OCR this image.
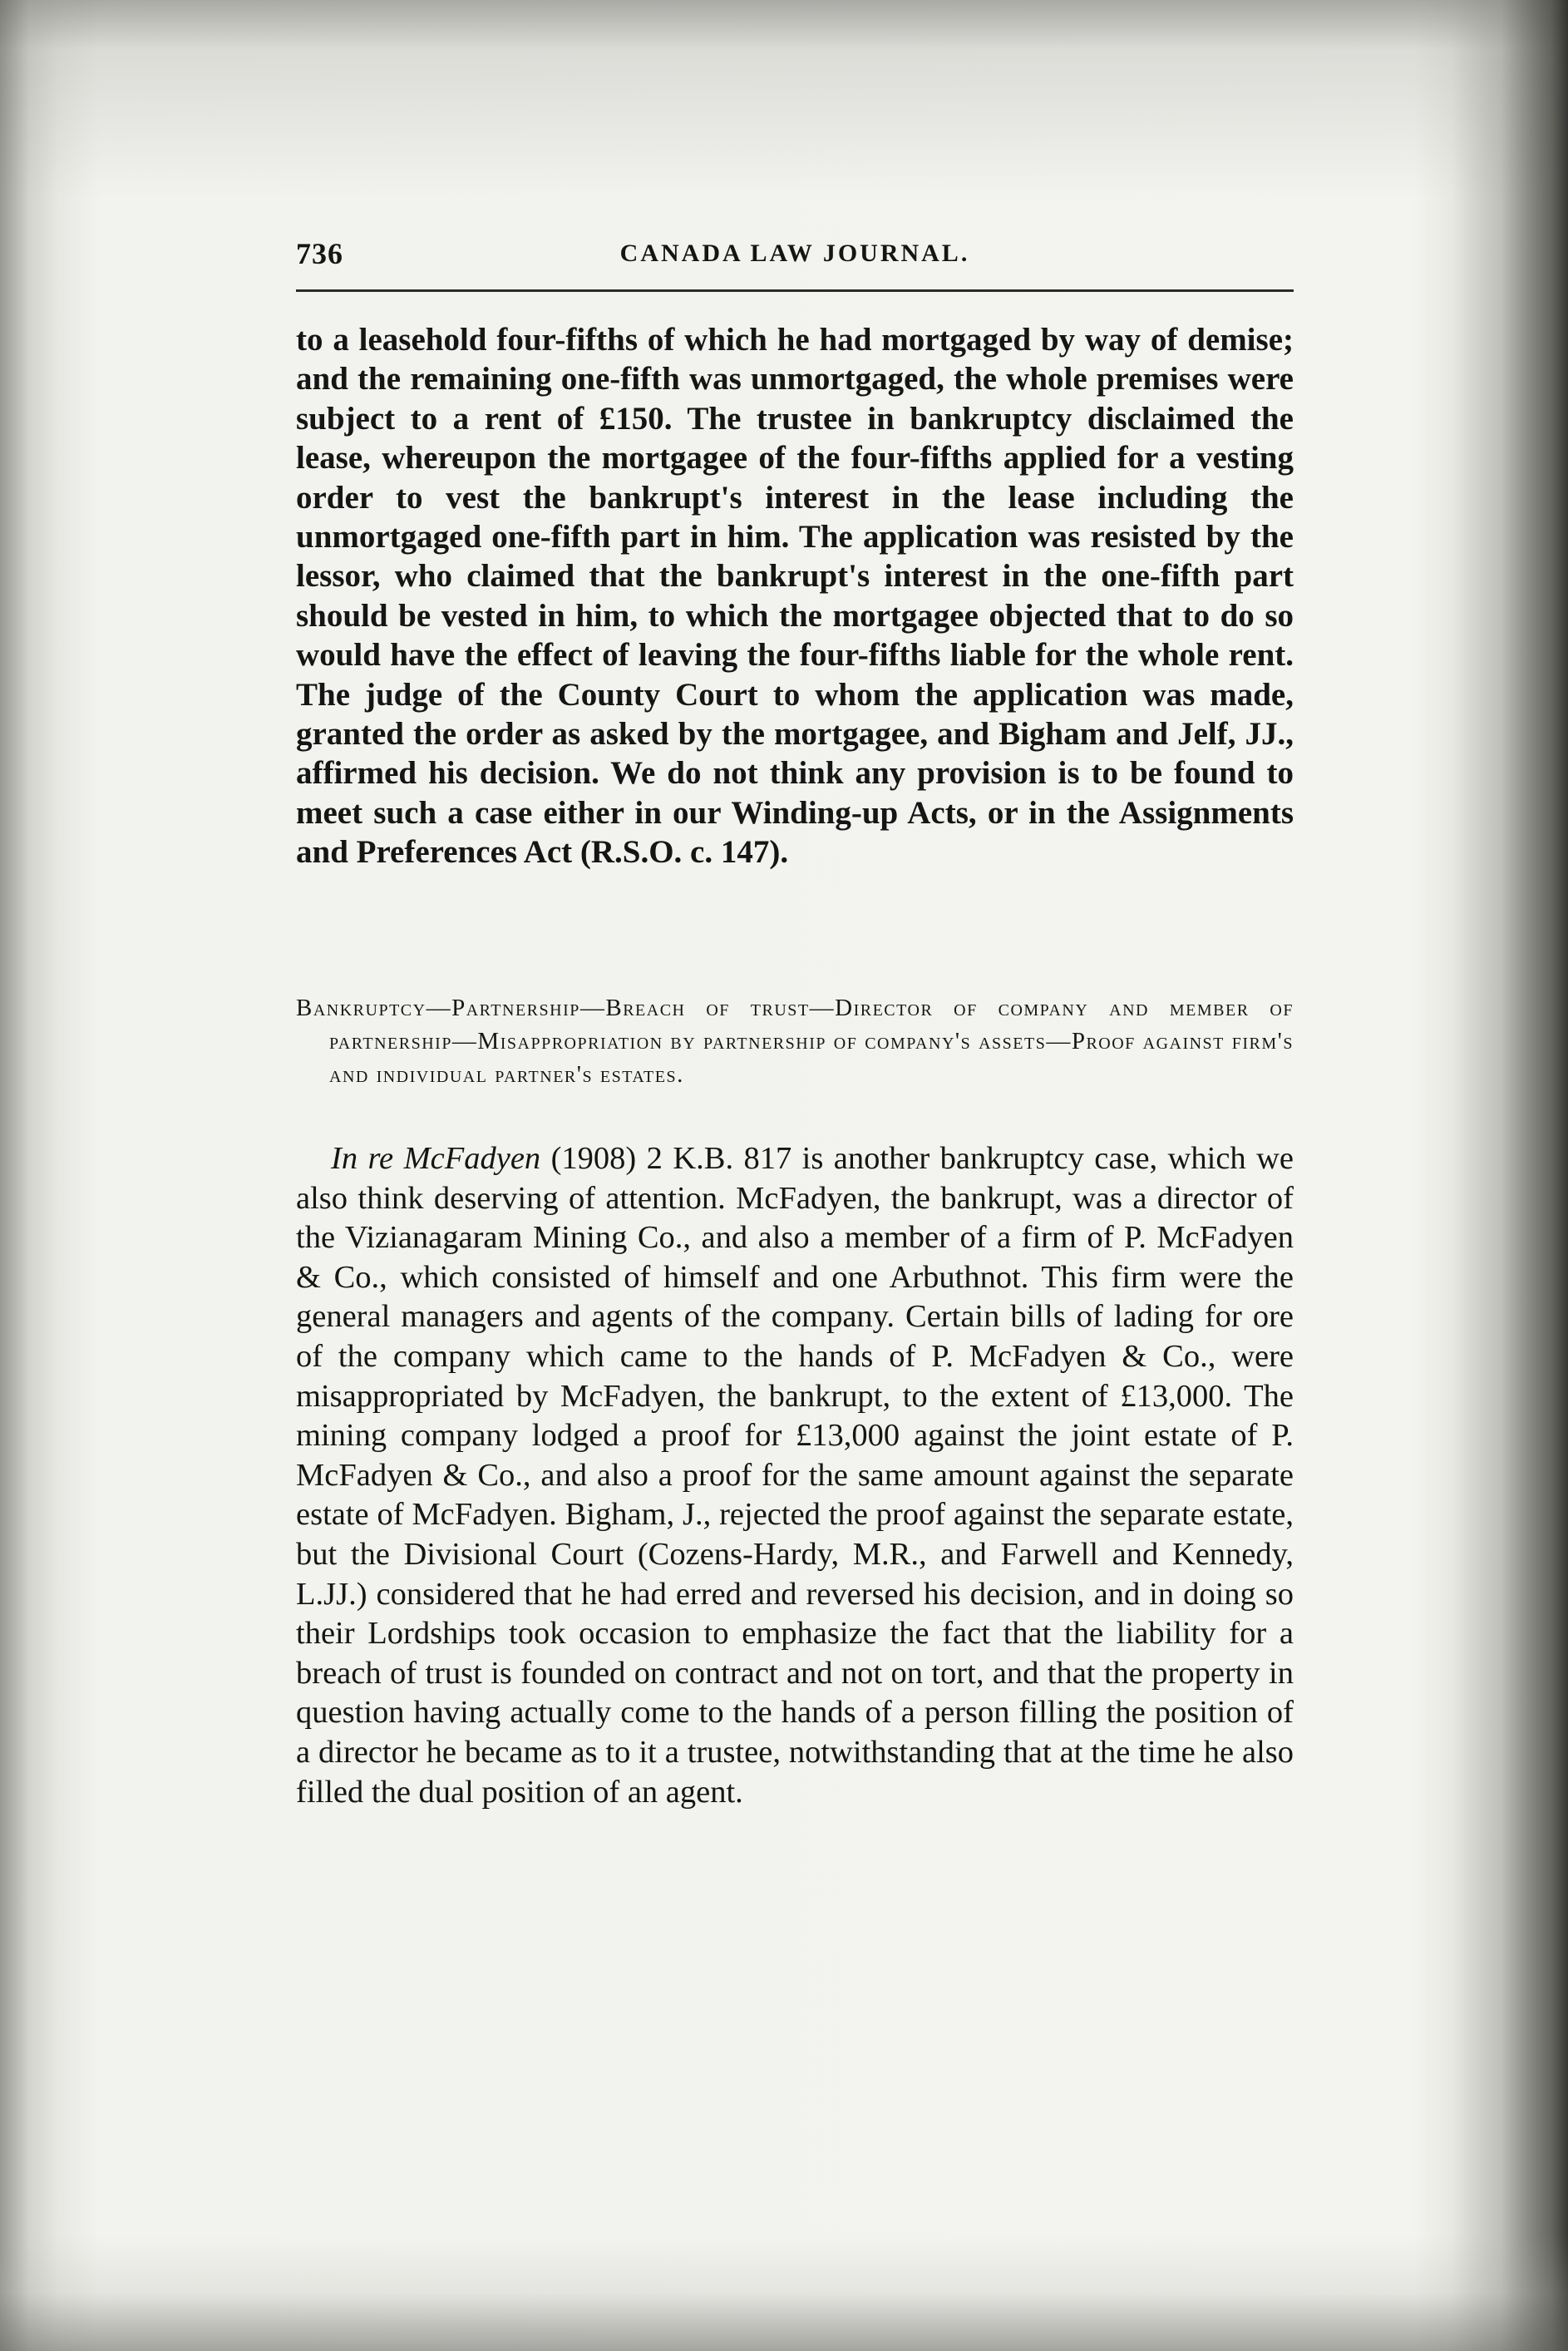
736	CANADA LAW JOURNAL.

to a leasehold four-fifths of which he had mortgaged by way of demise; and the remaining one-fifth was unmortgaged, the whole premises were subject to a rent of £150. The trustee in bankruptcy disclaimed the lease, whereupon the mortgagee of the four-fifths applied for a vesting order to vest the bankrupt's interest in the lease including the unmortgaged one-fifth part in him. The application was resisted by the lessor, who claimed that the bankrupt's interest in the one-fifth part should be vested in him, to which the mortgagee objected that to do so would have the effect of leaving the four-fifths liable for the whole rent. The judge of the County Court to whom the application was made, granted the order as asked by the mortgagee, and Bigham and Jelf, JJ., affirmed his decision. We do not think any provision is to be found to meet such a case either in our Winding-up Acts, or in the Assignments and Preferences Act (R.S.O. c. 147).

Bankruptcy—Partnership—Breach of trust—Director of company and member of partnership—Misappropriation by partnership of company's assets—Proof against firm's and individual partner's estates.

In re McFadyen (1908) 2 K.B. 817 is another bankruptcy case, which we also think deserving of attention. McFadyen, the bankrupt, was a director of the Vizianagaram Mining Co., and also a member of a firm of P. McFadyen & Co., which consisted of himself and one Arbuthnot. This firm were the general managers and agents of the company. Certain bills of lading for ore of the company which came to the hands of P. McFadyen & Co., were misappropriated by McFadyen, the bankrupt, to the extent of £13,000. The mining company lodged a proof for £13,000 against the joint estate of P. McFadyen & Co., and also a proof for the same amount against the separate estate of McFadyen. Bigham, J., rejected the proof against the separate estate, but the Divisional Court (Cozens-Hardy, M.R., and Farwell and Kennedy, L.JJ.) considered that he had erred and reversed his decision, and in doing so their Lordships took occasion to emphasize the fact that the liability for a breach of trust is founded on contract and not on tort, and that the property in question having actually come to the hands of a person filling the position of a director he became as to it a trustee, notwithstanding that at the time he also filled the dual position of an agent.
